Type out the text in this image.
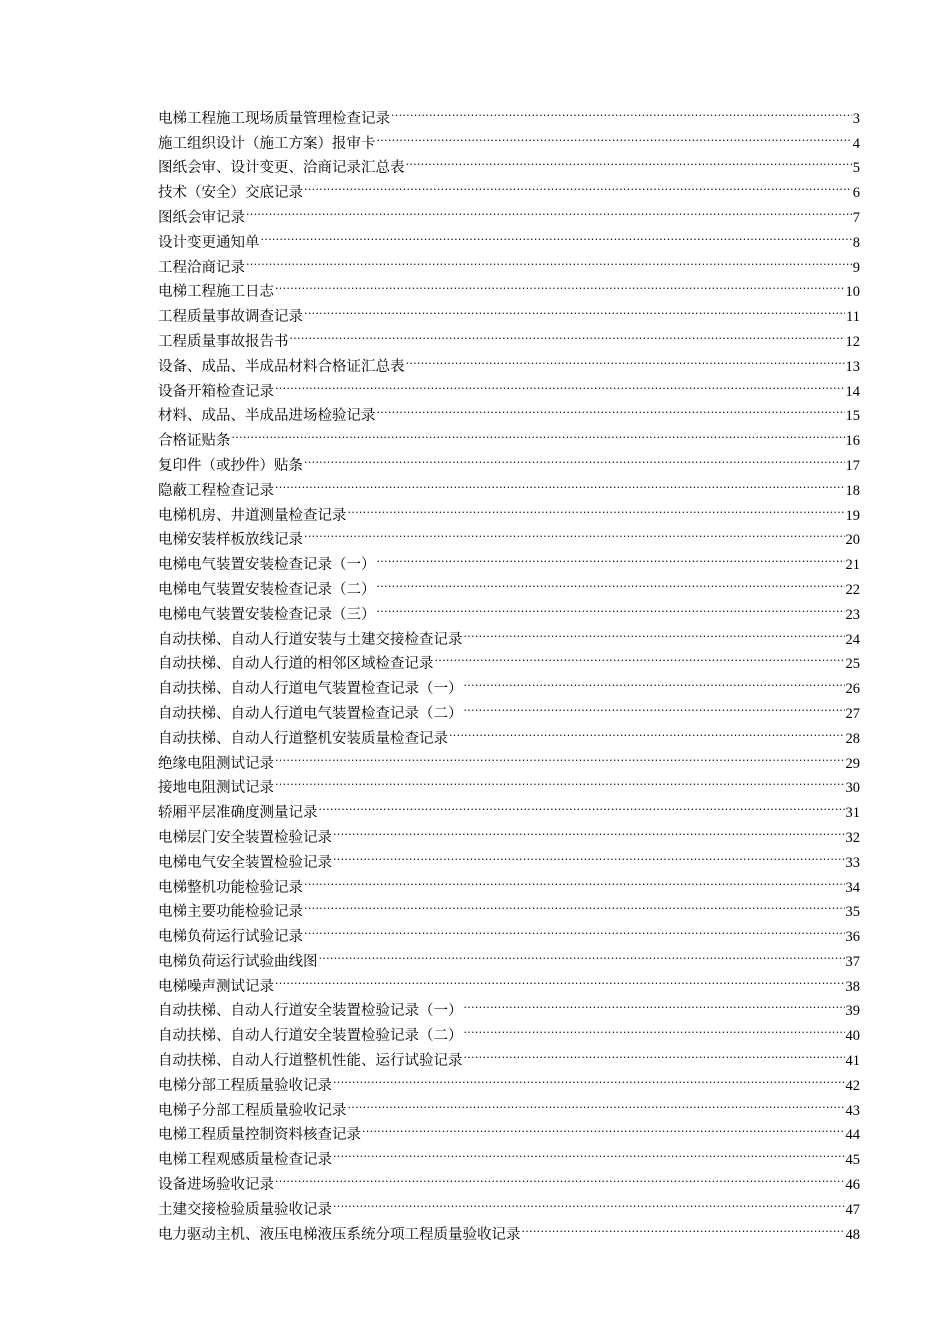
电梯工程施工现场质量管理检查记录 .....	3
施工组织设计（施工方案）报审卡 .....	4
图纸会审、设计变更、洽商记录汇总表 .....	5
技术（安全）交底记录 .....	6
图纸会审记录 .....	7
设计变更通知单 .....	8
工程洽商记录 .....	9
电梯工程施工日志 .....	10
工程质量事故调查记录 .....	11
工程质量事故报告书 .....	12
设备、成品、半成品材料合格证汇总表 .....	13
设备开箱检查记录 .....	14
材料、成品、半成品进场检验记录 .....	15
合格证贴条 .....	16
复印件（或抄件）贴条 .....	17
隐蔽工程检查记录 .....	18
电梯机房、井道测量检查记录 .....	19
电梯安装样板放线记录 .....	20
电梯电气装置安装检查记录（一） .....	21
电梯电气装置安装检查记录（二） .....	22
电梯电气装置安装检查记录（三） .....	23
自动扶梯、自动人行道安装与土建交接检查记录 .....	24
自动扶梯、自动人行道的相邻区域检查记录 .....	25
自动扶梯、自动人行道电气装置检查记录（一） .....	26
自动扶梯、自动人行道电气装置检查记录（二） .....	27
自动扶梯、自动人行道整机安装质量检查记录 .....	28
绝缘电阻测试记录 .....	29
接地电阻测试记录 .....	30
轿厢平层准确度测量记录 .....	31
电梯层门安全装置检验记录 .....	32
电梯电气安全装置检验记录 .....	33
电梯整机功能检验记录 .....	34
电梯主要功能检验记录 .....	35
电梯负荷运行试验记录 .....	36
电梯负荷运行试验曲线图 .....	37
电梯噪声测试记录 .....	38
自动扶梯、自动人行道安全装置检验记录（一） .....	39
自动扶梯、自动人行道安全装置检验记录（二） .....	40
自动扶梯、自动人行道整机性能、运行试验记录 .....	41
电梯分部工程质量验收记录 .....	42
电梯子分部工程质量验收记录 .....	43
电梯工程质量控制资料核查记录 .....	44
电梯工程观感质量检查记录 .....	45
设备进场验收记录 .....	46
土建交接检验质量验收记录 .....	47
电力驱动主机、液压电梯液压系统分项工程质量验收记录 .....	48
